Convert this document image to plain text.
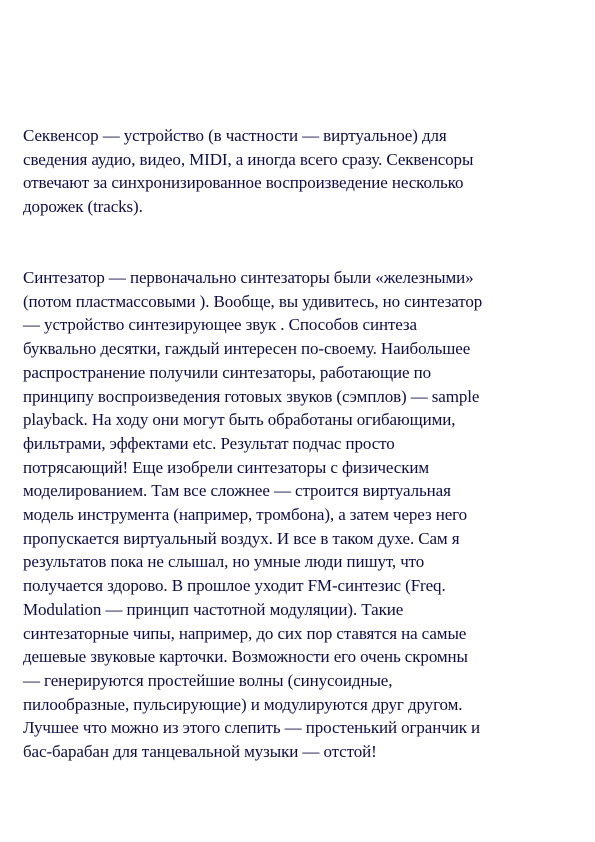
Секвенсор — устройство (в частности — виртуальное) для
сведения аудио, видео, MIDI, а иногда всего сразу. Секвенсоры
отвечают за синхронизированное воспроизведение несколько
дорожек (tracks).

Синтезатор — первоначально синтезаторы были «железными»
(потом пластмассовыми ). Вообще, вы удивитесь, но синтезатор
— устройство синтезирующее звук . Способов синтеза
буквально десятки, гаждый интересен по-своему. Наибольшее
распространение получили синтезаторы, работающие по
принципу воспроизведения готовых звуков (сэмплов) — sample
playback. На ходу они могут быть обработаны огибающими,
фильтрами, эффектами etc. Результат подчас просто
потрясающий! Еще изобрели синтезаторы с физическим
моделированием. Там все сложнее — строится виртуальная
модель инструмента (например, тромбона), а затем через него
пропускается виртуальный воздух. И все в таком духе. Сам я
результатов пока не слышал, но умные люди пишут, что
получается здорово. В прошлое уходит FM-синтезис (Freq.
Modulation — принцип частотной модуляции). Такие
синтезаторные чипы, например, до сих пор ставятся на самые
дешевые звуковые карточки. Возможности его очень скромны
— генерируются простейшие волны (синусоидные,
пилообразные, пульсирующие) и модулируются друг другом.
Лучшее что можно из этого слепить — простенький огранчик и
бас-барабан для танцевальной музыки — отстой!
